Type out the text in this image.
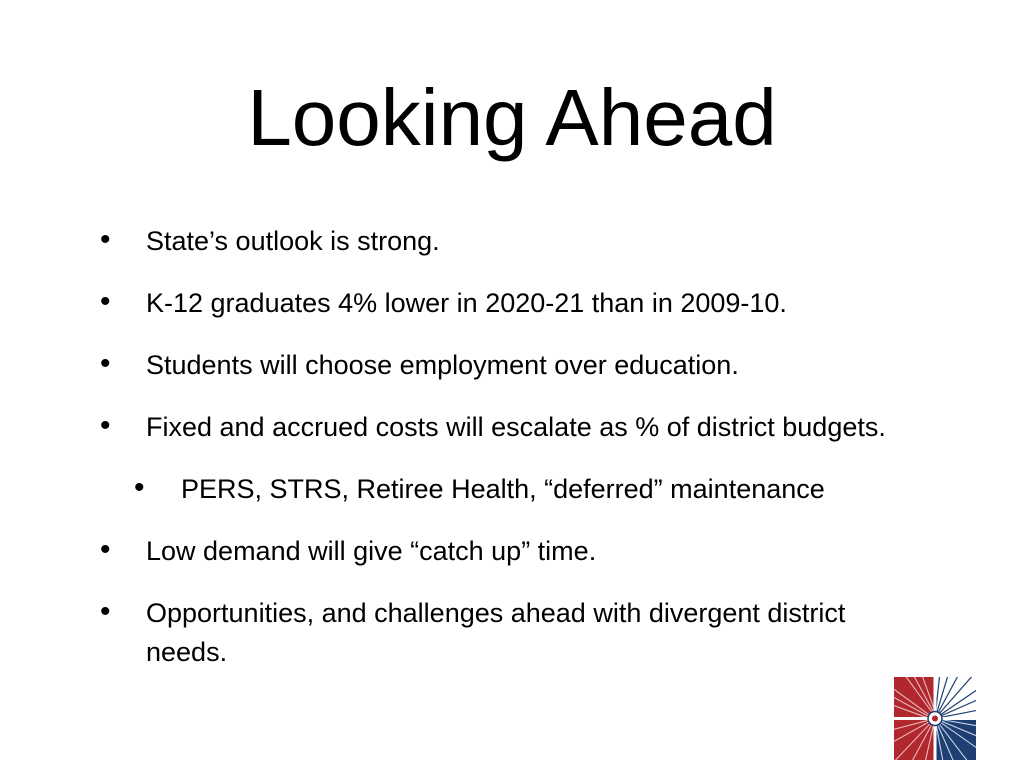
Looking Ahead
• State’s outlook is strong.
• K-12 graduates 4% lower in 2020-21 than in 2009-10.
• Students will choose employment over education.
• Fixed and accrued costs will escalate as % of district budgets.
• PERS, STRS, Retiree Health, “deferred” maintenance
• Low demand will give “catch up” time.
• Opportunities, and challenges ahead with divergent district needs.
